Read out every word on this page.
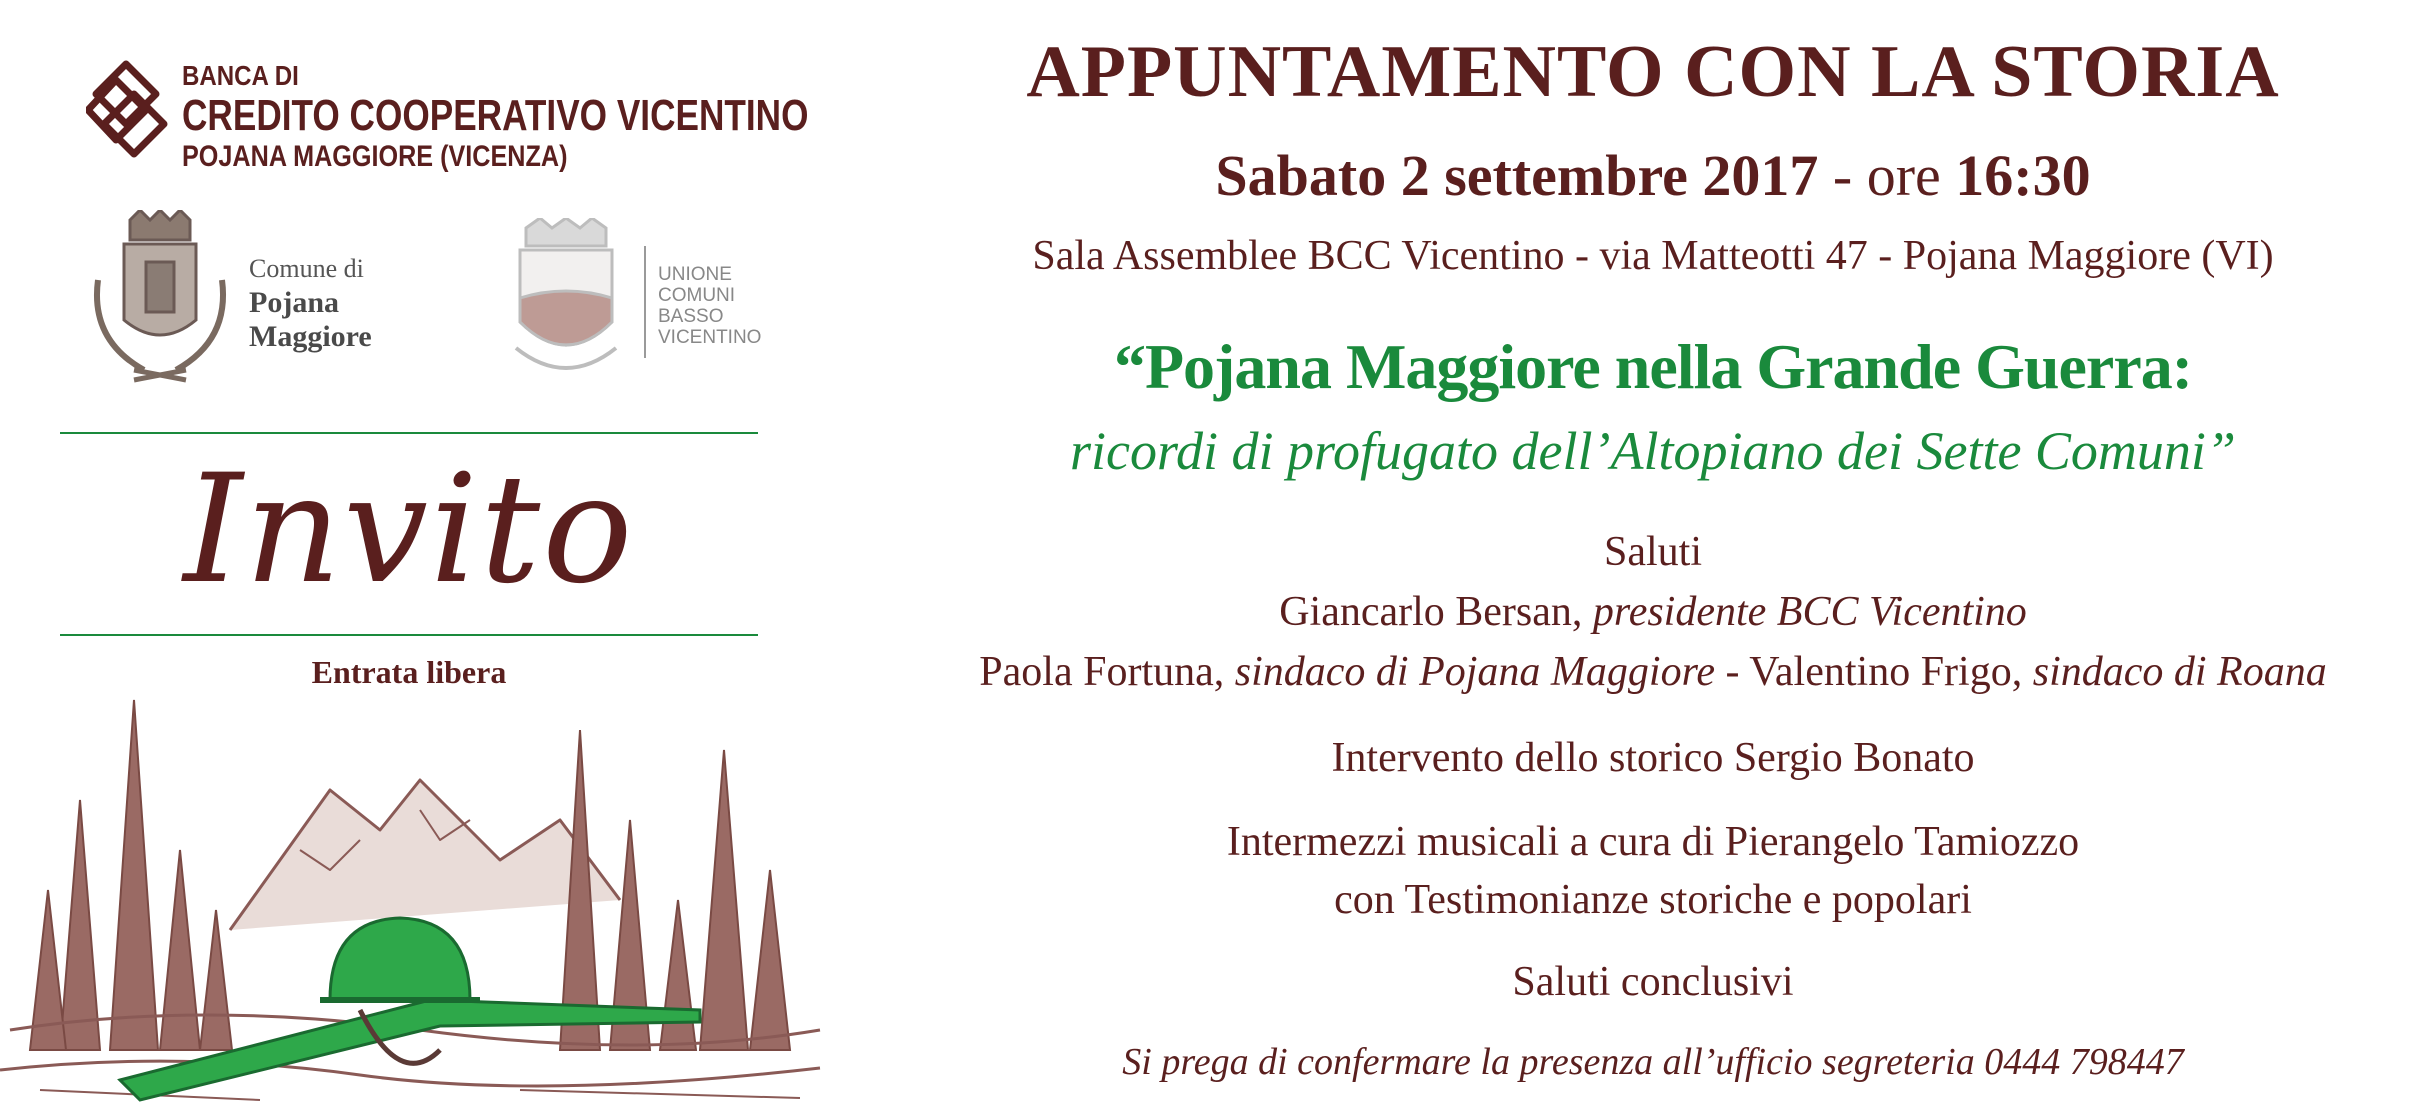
BANCA DI
CREDITO COOPERATIVO VICENTINO
POJANA MAGGIORE (VICENZA)
Comune di
Pojana
Maggiore
UNIONE
COMUNI
BASSO
VICENTINO
Invito
Entrata libera
APPUNTAMENTO CON LA STORIA
Sabato 2 settembre 2017 - ore 16:30
Sala Assemblee BCC Vicentino - via Matteotti 47 - Pojana Maggiore (VI)
“Pojana Maggiore nella Grande Guerra:
ricordi di profugato dell’Altopiano dei Sette Comuni”
Saluti
Giancarlo Bersan, presidente BCC Vicentino
Paola Fortuna, sindaco di Pojana Maggiore - Valentino Frigo, sindaco di Roana
Intervento dello storico Sergio Bonato
Intermezzi musicali a cura di Pierangelo Tamiozzo
con Testimonianze storiche e popolari
Saluti conclusivi
Si prega di confermare la presenza all’ufficio segreteria 0444 798447
